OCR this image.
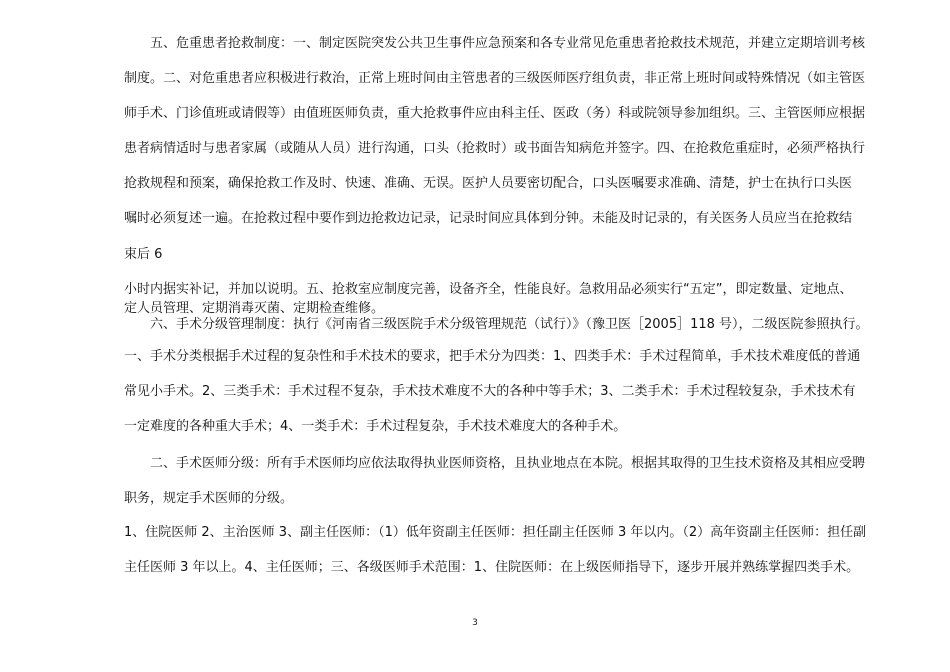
　　五、危重患者抢救制度：一、制定医院突发公共卫生事件应急预案和各专业常见危重患者抢救技术规范，并建立定期培训考核
制度。二、对危重患者应积极进行救治，正常上班时间由主管患者的三级医师医疗组负责，非正常上班时间或特殊情况（如主管医
师手术、门诊值班或请假等）由值班医师负责，重大抢救事件应由科主任、医政（务）科或院领导参加组织。三、主管医师应根据
患者病情适时与患者家属（或随从人员）进行沟通，口头（抢救时）或书面告知病危并签字。四、在抢救危重症时，必须严格执行
抢救规程和预案，确保抢救工作及时、快速、准确、无误。医护人员要密切配合，口头医嘱要求准确、清楚，护士在执行口头医
嘱时必须复述一遍。在抢救过程中要作到边抢救边记录，记录时间应具体到分钟。未能及时记录的，有关医务人员应当在抢救结

束后 6

小时内据实补记，并加以说明。五、抢救室应制度完善，设备齐全，性能良好。急救用品必须实行“五定”，即定数量、定地点、
定人员管理、定期消毒灭菌、定期检查维修。

　　六、手术分级管理制度：执行《河南省三级医院手术分级管理规范（试行）》（豫卫医［2005］118 号），二级医院参照执行。

一、手术分类根据手术过程的复杂性和手术技术的要求，把手术分为四类：1、四类手术：手术过程简单，手术技术难度低的普通
常见小手术。2、三类手术：手术过程不复杂，手术技术难度不大的各种中等手术；3、二类手术：手术过程较复杂，手术技术有
一定难度的各种重大手术；4、一类手术：手术过程复杂，手术技术难度大的各种手术。

　　二、手术医师分级：所有手术医师均应依法取得执业医师资格，且执业地点在本院。根据其取得的卫生技术资格及其相应受聘
职务，规定手术医师的分级。

1、住院医师 2、主治医师 3、副主任医师：（1）低年资副主任医师：担任副主任医师 3 年以内。（2）高年资副主任医师：担任副
主任医师 3 年以上。4、主任医师；三、各级医师手术范围：1、住院医师：在上级医师指导下，逐步开展并熟练掌握四类手术。

3
